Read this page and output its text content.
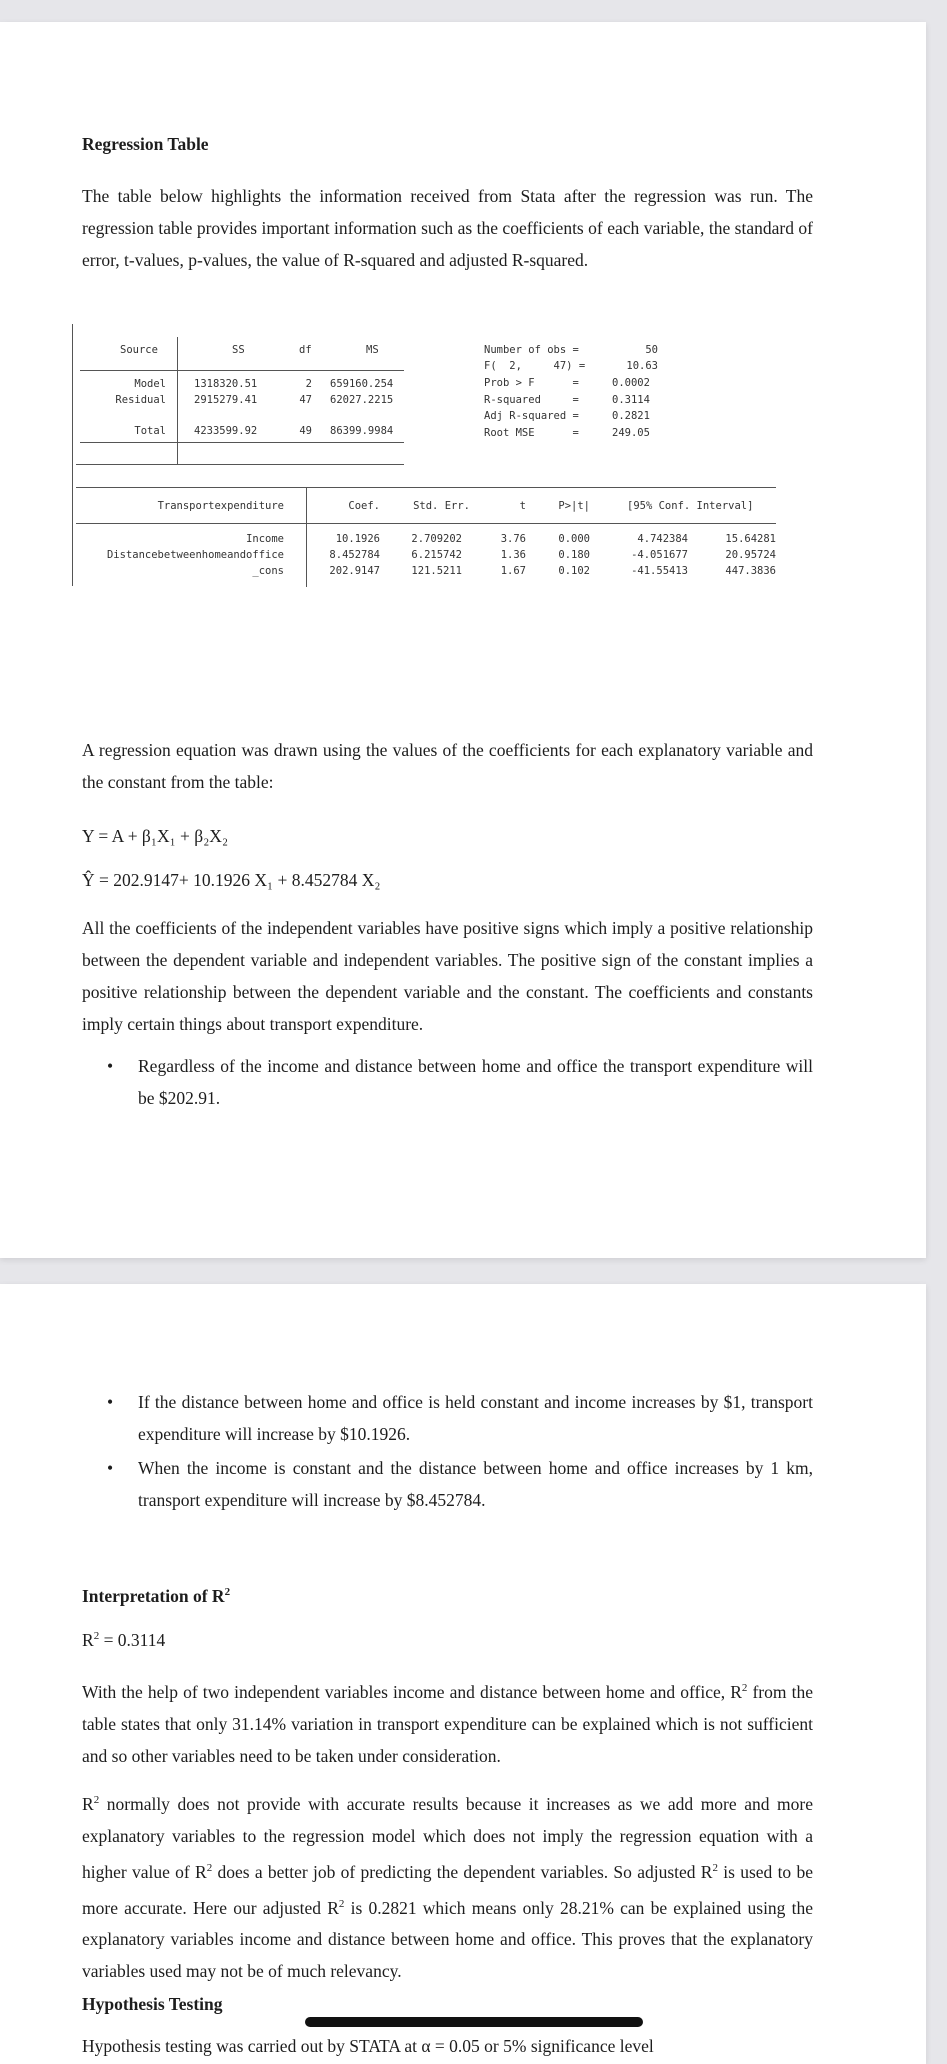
Regression Table

The table below highlights the information received from Stata after the regression was run. The regression table provides important information such as the coefficients of each variable, the standard of error, t-values, p-values, the value of R-squared and adjusted R-squared.

Source	SS	df	MS
Model	1318320.51	2 659160.254
Residual	2915279.41	47 62027.2215
Total	4233599.92	49 86399.9984
Number of obs =	50
F(  2,     47) =	10.63
Prob > F      =	0.0002
R-squared     =	0.3114
Adj R-squared =	0.2821
Root MSE      =	249.05
Transportexpenditure	Coef.	Std. Err.	t	P>|t|	[95% Conf. Interval]
Income	10.1926	2.709202	3.76	0.000	4.742384	15.64281
Distancebetweenhomeandoffice	8.452784	6.215742	1.36	0.180	-4.051677	20.95724
_cons	202.9147	121.5211	1.67	0.102	-41.55413	447.3836

A regression equation was drawn using the values of the coefficients for each explanatory variable and the constant from the table:

Y = A + β₁X₁ + β₂X₂

Ŷ = 202.9147+ 10.1926 X₁ + 8.452784 X₂

All the coefficients of the independent variables have positive signs which imply a positive relationship between the dependent variable and independent variables. The positive sign of the constant implies a positive relationship between the dependent variable and the constant. The coefficients and constants imply certain things about transport expenditure.

• Regardless of the income and distance between home and office the transport expenditure will be $202.91.
• If the distance between home and office is held constant and income increases by $1, transport expenditure will increase by $10.1926.
• When the income is constant and the distance between home and office increases by 1 km, transport expenditure will increase by $8.452784.

Interpretation of $R^2$

$R^2 = 0.3114$

With the help of two independent variables income and distance between home and office, $R^2$ from the table states that only 31.14% variation in transport expenditure can be explained which is not sufficient and so other variables need to be taken under consideration.

$R^2$ normally does not provide with accurate results because it increases as we add more and more explanatory variables to the regression model which does not imply the regression equation with a higher value of $R^2$ does a better job of predicting the dependent variables. So adjusted $R^2$ is used to be more accurate. Here our adjusted $R^2$ is 0.2821 which means only 28.21% can be explained using the explanatory variables income and distance between home and office. This proves that the explanatory variables used may not be of much relevancy.

Hypothesis Testing

Hypothesis testing was carried out by STATA at α = 0.05 or 5% significance level
